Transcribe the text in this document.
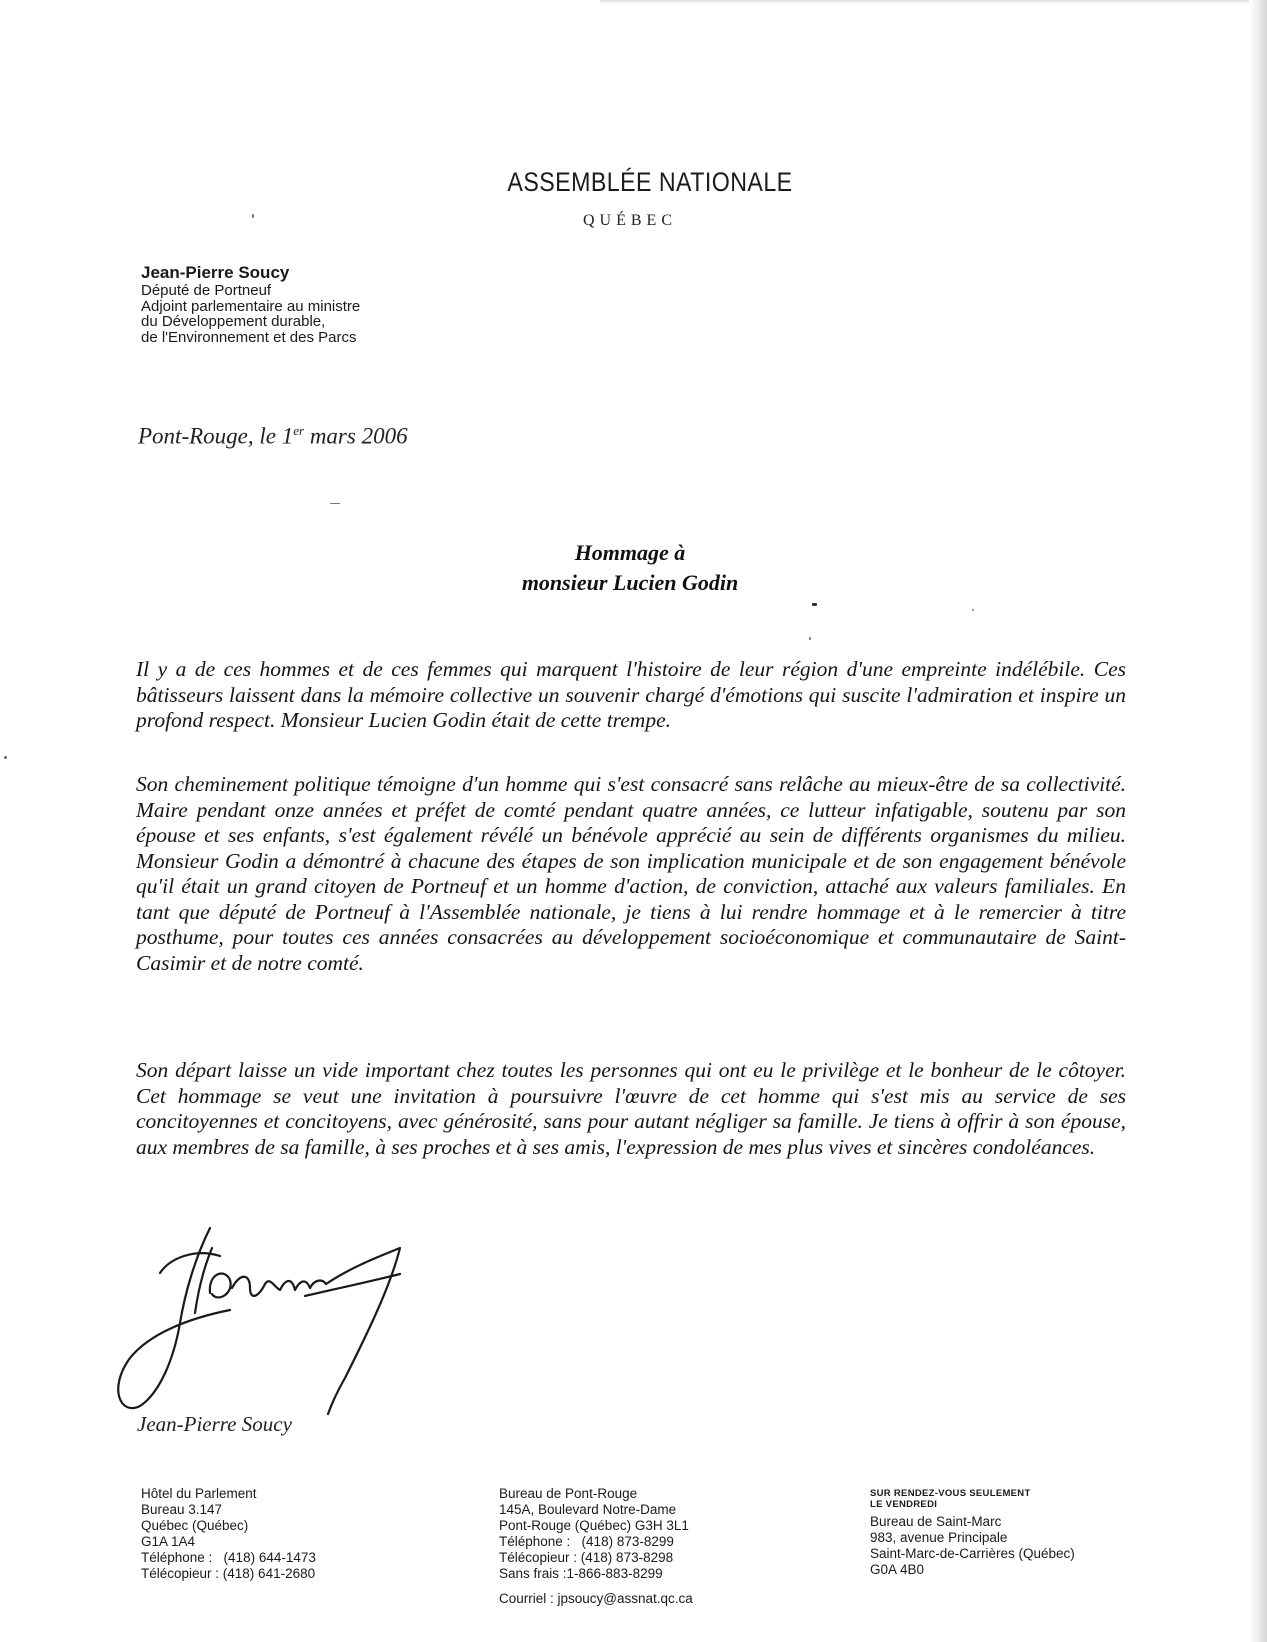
ASSEMBLÉE NATIONALE
QUÉBEC
Jean-Pierre Soucy
Député de Portneuf
Adjoint parlementaire au ministre
du Développement durable,
de l'Environnement et des Parcs
Pont-Rouge, le 1er mars 2006
Hommage à
monsieur Lucien Godin

Il y a de ces hommes et de ces femmes qui marquent l'histoire de leur région d'une empreinte indélébile. Ces bâtisseurs laissent dans la mémoire collective un souvenir chargé d'émotions qui suscite l'admiration et inspire un profond respect. Monsieur Lucien Godin était de cette trempe.

Son cheminement politique témoigne d'un homme qui s'est consacré sans relâche au mieux-être de sa collectivité. Maire pendant onze années et préfet de comté pendant quatre années, ce lutteur infatigable, soutenu par son épouse et ses enfants, s'est également révélé un bénévole apprécié au sein de différents organismes du milieu. Monsieur Godin a démontré à chacune des étapes de son implication municipale et de son engagement bénévole qu'il était un grand citoyen de Portneuf et un homme d'action, de conviction, attaché aux valeurs familiales. En tant que député de Portneuf à l'Assemblée nationale, je tiens à lui rendre hommage et à le remercier à titre posthume, pour toutes ces années consacrées au développement socioéconomique et communautaire de Saint-Casimir et de notre comté.

Son départ laisse un vide important chez toutes les personnes qui ont eu le privilège et le bonheur de le côtoyer. Cet hommage se veut une invitation à poursuivre l'œuvre de cet homme qui s'est mis au service de ses concitoyennes et concitoyens, avec générosité, sans pour autant négliger sa famille. Je tiens à offrir à son épouse, aux membres de sa famille, à ses proches et à ses amis, l'expression de mes plus vives et sincères condoléances.

Jean-Pierre Soucy
Hôtel du Parlement
Bureau 3.147
Québec (Québec)
G1A 1A4
Téléphone :   (418) 644-1473
Télécopieur : (418) 641-2680
Bureau de Pont-Rouge
145A, Boulevard Notre-Dame
Pont-Rouge (Québec) G3H 3L1
Téléphone :   (418) 873-8299
Télécopieur : (418) 873-8298
Sans frais :1-866-883-8299
Courriel : jpsoucy@assnat.qc.ca
SUR RENDEZ-VOUS SEULEMENT
LE VENDREDI
Bureau de Saint-Marc
983, avenue Principale
Saint-Marc-de-Carrières (Québec)
G0A 4B0
